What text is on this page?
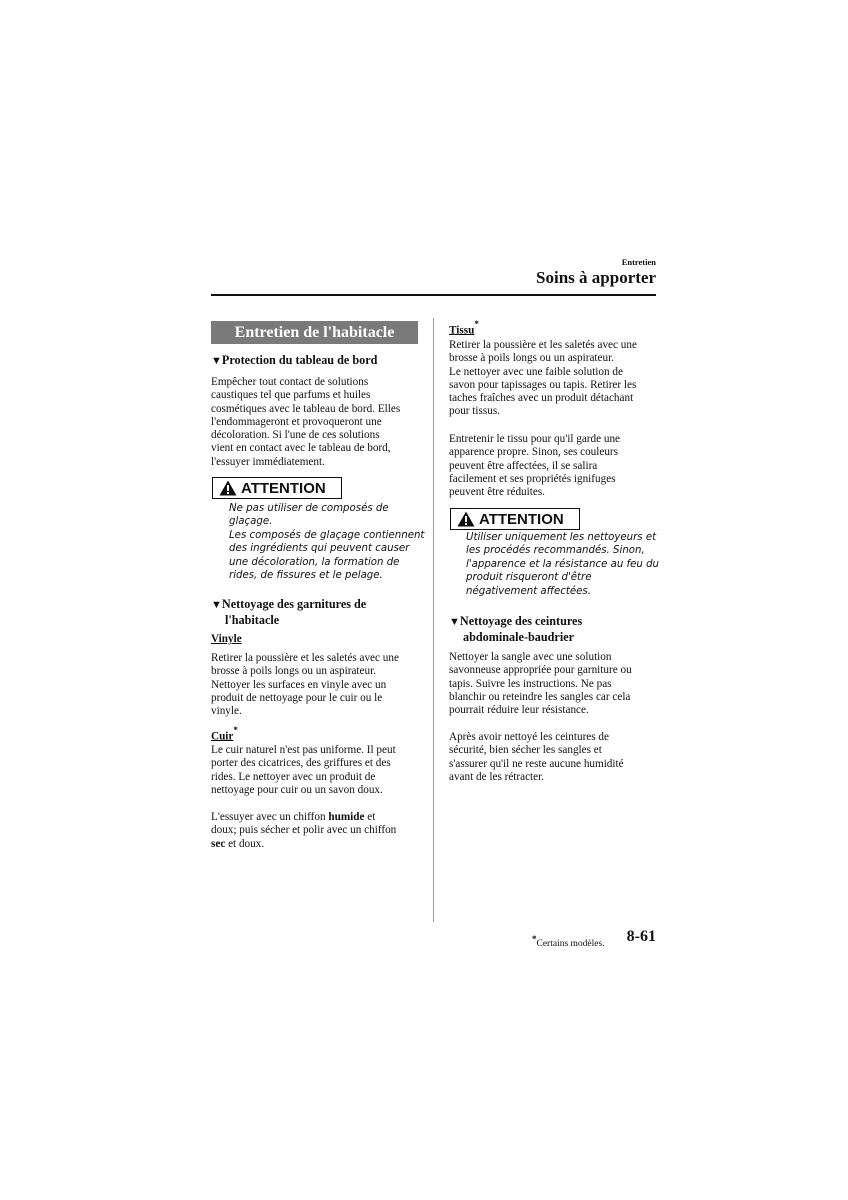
Entretien
Soins à apporter
Entretien de l'habitacle
▼Protection du tableau de bord

Empêcher tout contact de solutions

caustiques tel que parfums et huiles

cosmétiques avec le tableau de bord. Elles

l'endommageront et provoqueront une

décoloration. Si l'une de ces solutions

vient en contact avec le tableau de bord,

l'essuyer immédiatement.

ATTENTION

Ne pas utiliser de composés de

glaçage.

Les composés de glaçage contiennent

des ingrédients qui peuvent causer

une décoloration, la formation de

rides, de fissures et le pelage.

▼Nettoyage des garnitures de
l'habitacle
Vinyle

Retirer la poussière et les saletés avec une

brosse à poils longs ou un aspirateur.

Nettoyer les surfaces en vinyle avec un

produit de nettoyage pour le cuir ou le

vinyle.

Cuir*

Le cuir naturel n'est pas uniforme. Il peut

porter des cicatrices, des griffures et des

rides. Le nettoyer avec un produit de

nettoyage pour cuir ou un savon doux.

L'essuyer avec un chiffon humide et

doux; puis sécher et polir avec un chiffon

sec et doux.

Tissu*

Retirer la poussière et les saletés avec une

brosse à poils longs ou un aspirateur.

Le nettoyer avec une faible solution de

savon pour tapissages ou tapis. Retirer les

taches fraîches avec un produit détachant

pour tissus.

Entretenir le tissu pour qu'il garde une

apparence propre. Sinon, ses couleurs

peuvent être affectées, il se salira

facilement et ses propriétés ignifuges

peuvent être réduites.

ATTENTION

Utiliser uniquement les nettoyeurs et

les procédés recommandés. Sinon,

l'apparence et la résistance au feu du

produit risqueront d'être

négativement affectées.

▼Nettoyage des ceintures
abdominale-baudrier

Nettoyer la sangle avec une solution

savonneuse appropriée pour garniture ou

tapis. Suivre les instructions. Ne pas

blanchir ou reteindre les sangles car cela

pourrait réduire leur résistance.

Après avoir nettoyé les ceintures de

sécurité, bien sécher les sangles et

s'assurer qu'il ne reste aucune humidité

avant de les rétracter.

*Certains modèles.	8-61
